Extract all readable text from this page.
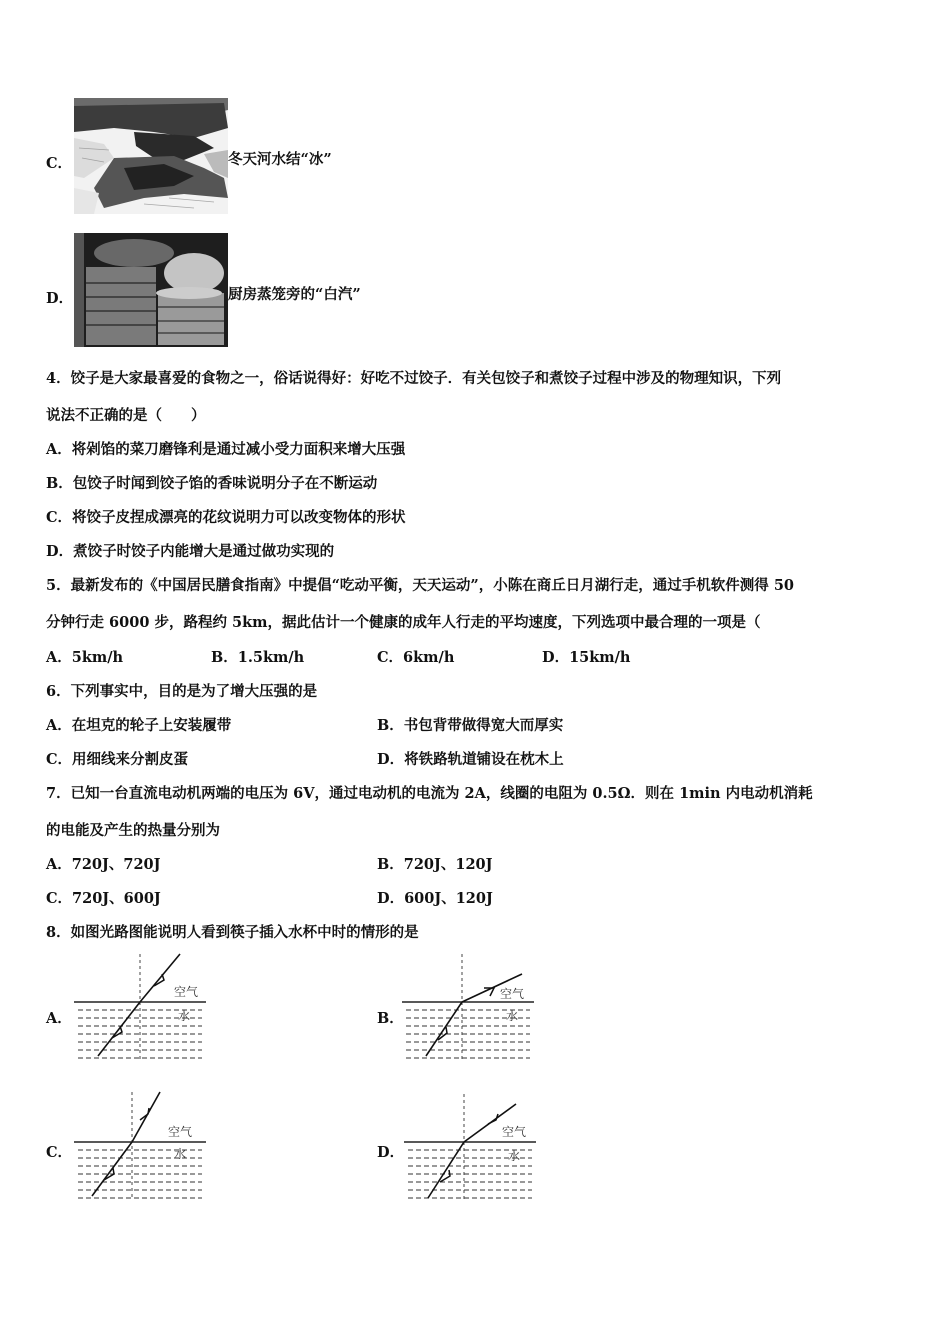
C．	冬天河水结“冰”
D．	厨房蒸笼旁的“白汽”
4．饺子是大家最喜爱的食物之一，俗话说得好：好吃不过饺子．有关包饺子和煮饺子过程中涉及的物理知识，下列
说法不正确的是（　　）
A．将剁馅的菜刀磨锋利是通过减小受力面积来增大压强
B．包饺子时闻到饺子馅的香味说明分子在不断运动
C．将饺子皮捏成漂亮的花纹说明力可以改变物体的形状
D．煮饺子时饺子内能增大是通过做功实现的
5．最新发布的《中国居民膳食指南》中提倡“吃动平衡，天天运动”，小陈在商丘日月湖行走，通过手机软件测得 50
分钟行走 6000 步，路程约 5km，据此估计一个健康的成年人行走的平均速度，下列选项中最合理的一项是（
A．5km/h	B．1.5km/h	C．6km/h	D．15km/h
6．下列事实中，目的是为了增大压强的是
A．在坦克的轮子上安装履带	B．书包背带做得宽大而厚实
C．用细线来分割皮蛋	D．将铁路轨道铺设在枕木上
7．已知一台直流电动机两端的电压为 6V，通过电动机的电流为 2A，线圈的电阻为 0.5Ω．则在 1min 内电动机消耗
的电能及产生的热量分别为
A．720J、720J	B．720J、120J
C．720J、600J	D．600J、120J
8．如图光路图能说明人看到筷子插入水杯中时的情形的是
A．
空气
水	B．
空气
水
C．
空气
水	D．
空气
水
